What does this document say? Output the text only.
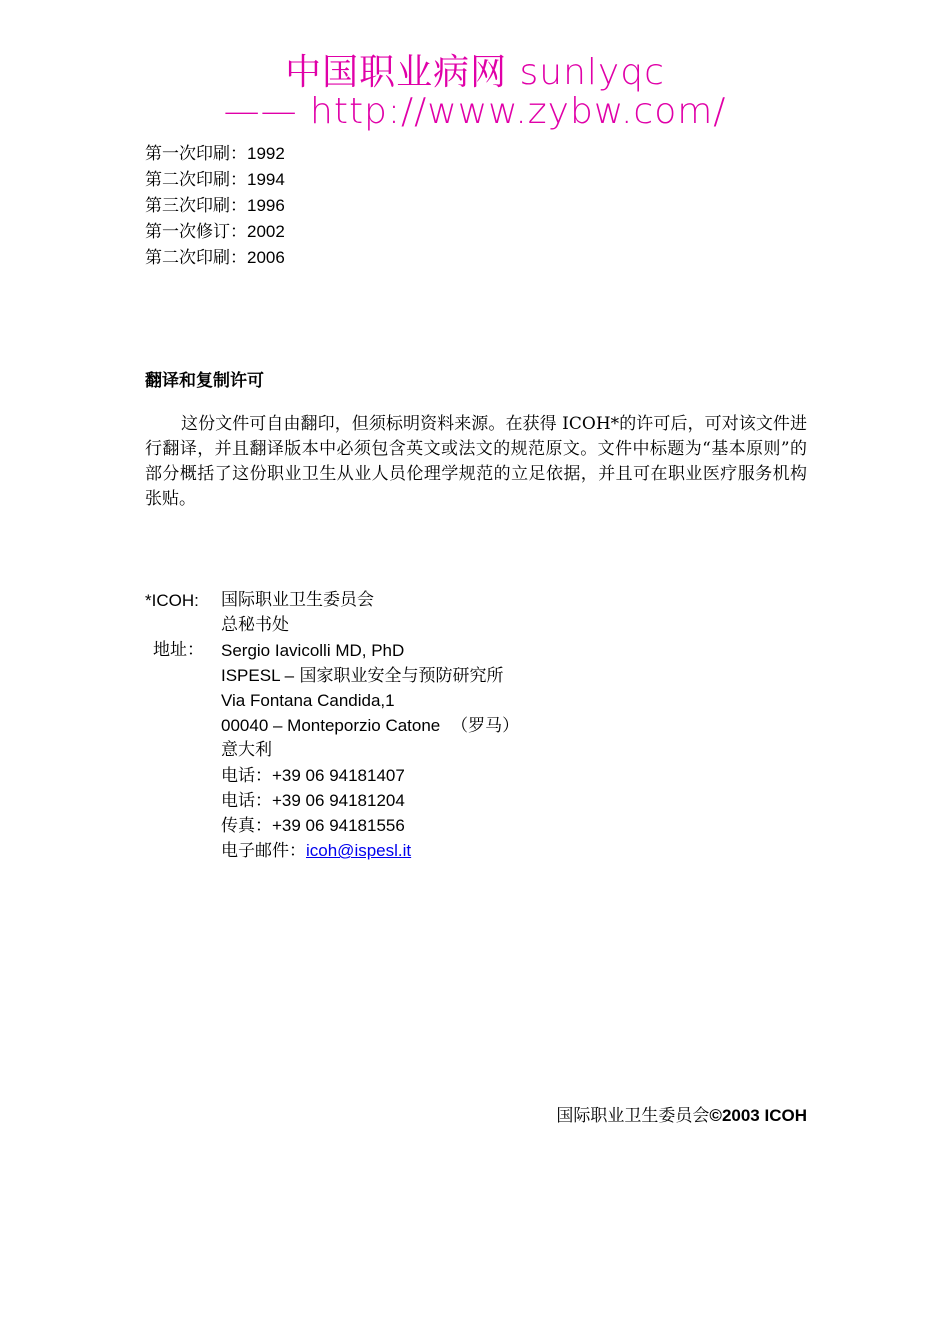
中国职业病网 sunlyqc
—— http://www.zybw.com/
第一次印刷：1992
第二次印刷：1994
第三次印刷：1996
第一次修订：2002
第二次印刷：2006
翻译和复制许可
这份文件可自由翻印，但须标明资料来源。在获得 ICOH*的许可后，可对该文件进行翻译，并且翻译版本中必须包含英文或法文的规范原文。文件中标题为“基本原则”的部分概括了这份职业卫生从业人员伦理学规范的立足依据，并且可在职业医疗服务机构张贴。
*ICOH: 国际职业卫生委员会
总秘书处
地址： Sergio Iavicolli MD, PhD
ISPESL – 国家职业安全与预防研究所
Via Fontana Candida,1
00040 – Monteporzio Catone （罗马）
意大利
电话：+39 06 94181407
电话：+39 06 94181204
传真：+39 06 94181556
电子邮件：icoh@ispesl.it
国际职业卫生委员会©2003 ICOH
